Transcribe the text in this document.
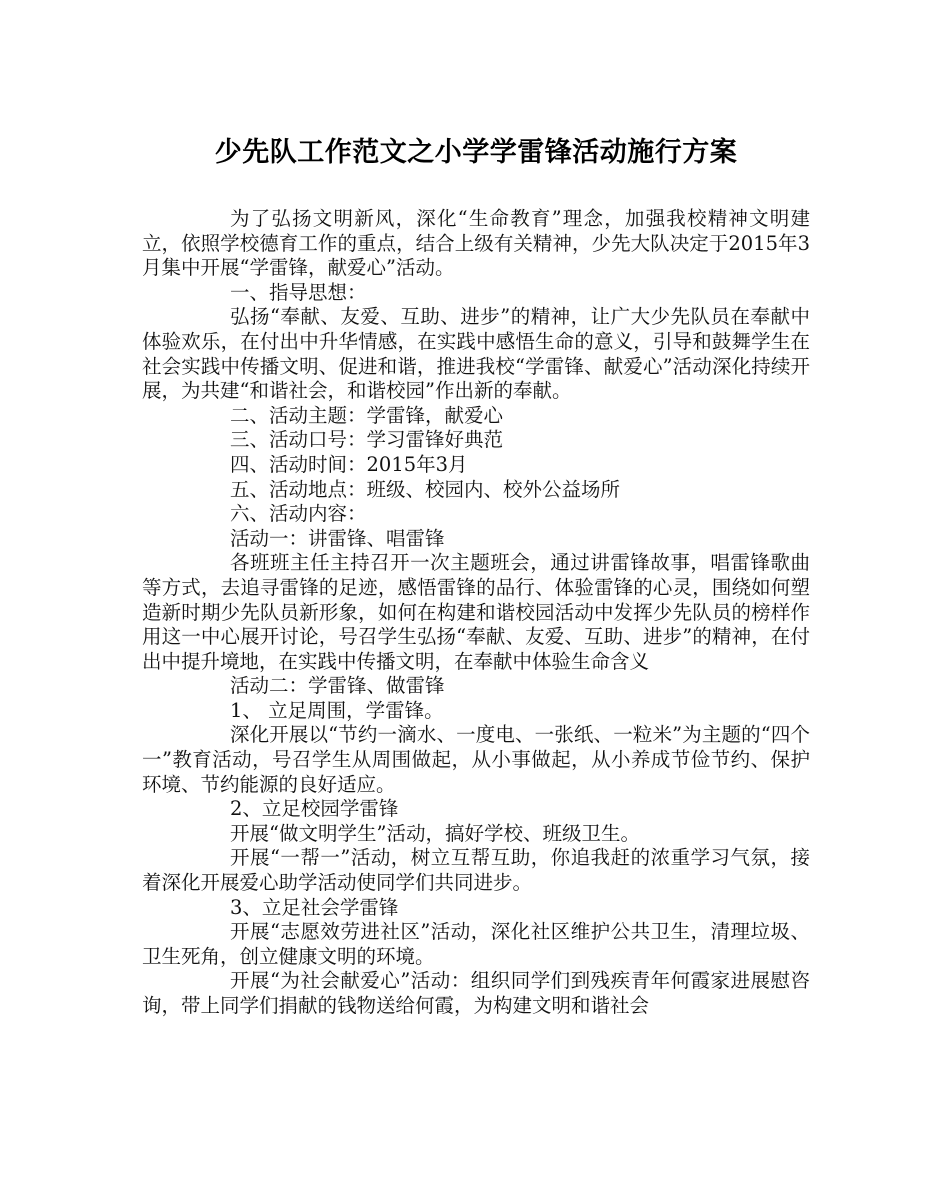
少先队工作范文之小学学雷锋活动施行方案

为了弘扬文明新风，深化“生命教育”理念，加强我校精神文明建立，依照学校德育工作的重点，结合上级有关精神，少先大队决定于2015年3月集中开展“学雷锋，献爱心”活动。

一、指导思想：

弘扬“奉献、友爱、互助、进步”的精神，让广大少先队员在奉献中体验欢乐，在付出中升华情感，在实践中感悟生命的意义，引导和鼓舞学生在社会实践中传播文明、促进和谐，推进我校“学雷锋、献爱心”活动深化持续开展，为共建“和谐社会，和谐校园”作出新的奉献。

二、活动主题：学雷锋，献爱心

三、活动口号：学习雷锋好典范

四、活动时间：2015年3月

五、活动地点：班级、校园内、校外公益场所

六、活动内容：

活动一：讲雷锋、唱雷锋

各班班主任主持召开一次主题班会，通过讲雷锋故事，唱雷锋歌曲等方式，去追寻雷锋的足迹，感悟雷锋的品行、体验雷锋的心灵，围绕如何塑造新时期少先队员新形象，如何在构建和谐校园活动中发挥少先队员的榜样作用这一中心展开讨论，号召学生弘扬“奉献、友爱、互助、进步”的精神，在付出中提升境地，在实践中传播文明，在奉献中体验生命含义

活动二：学雷锋、做雷锋

1、 立足周围，学雷锋。

深化开展以“节约一滴水、一度电、一张纸、一粒米”为主题的“四个一”教育活动，号召学生从周围做起，从小事做起，从小养成节俭节约、保护环境、节约能源的良好适应。

2、立足校园学雷锋

开展“做文明学生”活动，搞好学校、班级卫生。

开展“一帮一”活动，树立互帮互助，你追我赶的浓重学习气氛，接着深化开展爱心助学活动使同学们共同进步。

3、立足社会学雷锋

开展“志愿效劳进社区”活动，深化社区维护公共卫生，清理垃圾、卫生死角，创立健康文明的环境。

开展“为社会献爱心”活动：组织同学们到残疾青年何霞家进展慰咨询，带上同学们捐献的钱物送给何霞，为构建文明和谐社会
